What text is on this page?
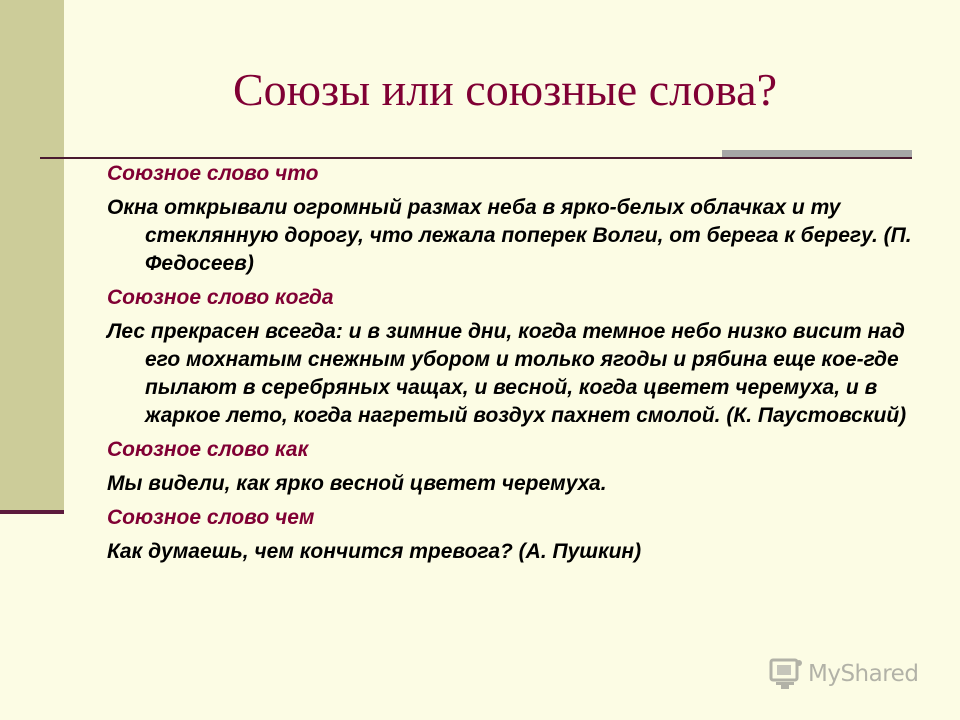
Союзы или союзные слова?
Союзное слово что
Окна открывали огромный размах неба в ярко-белых облачках и ту стеклянную дорогу, что лежала поперек Волги, от берега к берегу. (П. Федосеев)
Союзное слово когда
Лес прекрасен всегда: и в зимние дни, когда темное небо низко висит над его мохнатым снежным убором и только ягоды и рябина еще кое-где пылают в серебряных чащах, и весной, когда цветет черемуха, и в жаркое лето, когда нагретый воздух пахнет смолой. (К. Паустовский)
Союзное слово как
Мы видели, как ярко весной цветет черемуха.
Союзное слово чем
Как думаешь, чем кончится тревога? (А. Пушкин)
MyShared
